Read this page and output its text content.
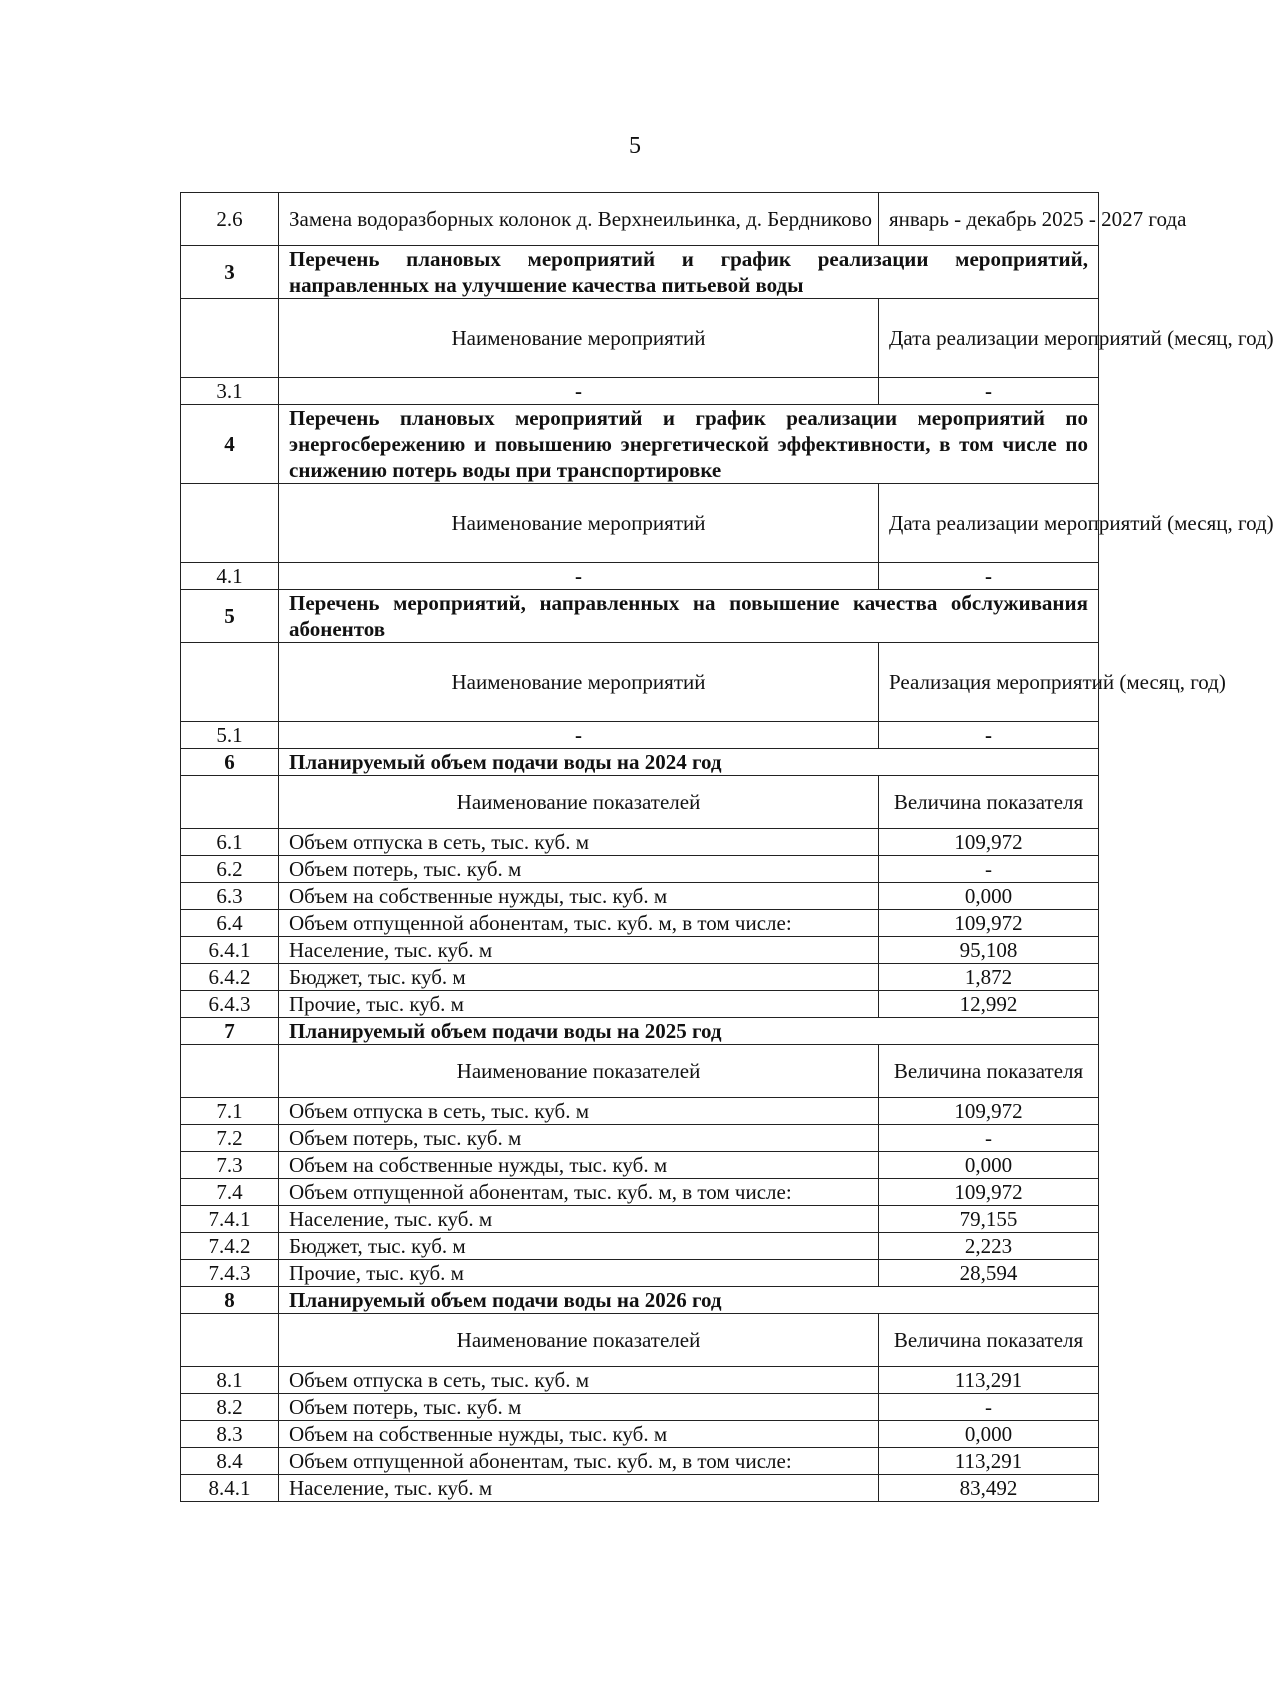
5
2.6	Замена водоразборных колонок д. Верхнеильинка, д. Бердниково	январь - декабрь 2025 - 2027 года
3	Перечень плановых мероприятий и график реализации мероприятий, направленных на улучшение качества питьевой воды	
	Наименование мероприятий	Дата реализации мероприятий (месяц, год)
3.1	-	-
4	Перечень плановых мероприятий и график реализации мероприятий по энергосбережению и повышению энергетической эффективности, в том числе по снижению потерь воды при транспортировке	
	Наименование мероприятий	Дата реализации мероприятий (месяц, год)
4.1	-	-
5	Перечень мероприятий, направленных на повышение качества обслуживания абонентов	
	Наименование мероприятий	Реализация мероприятий (месяц, год)
5.1	-	-
6	Планируемый объем подачи воды на 2024 год	
	Наименование показателей	Величина показателя
6.1	Объем отпуска в сеть, тыс. куб. м	109,972
6.2	Объем потерь, тыс. куб. м	-
6.3	Объем на собственные нужды, тыс. куб. м	0,000
6.4	Объем отпущенной абонентам, тыс. куб. м, в том числе:	109,972
6.4.1	Население, тыс. куб. м	95,108
6.4.2	Бюджет, тыс. куб. м	1,872
6.4.3	Прочие, тыс. куб. м	12,992
7	Планируемый объем подачи воды на 2025 год	
	Наименование показателей	Величина показателя
7.1	Объем отпуска в сеть, тыс. куб. м	109,972
7.2	Объем потерь, тыс. куб. м	-
7.3	Объем на собственные нужды, тыс. куб. м	0,000
7.4	Объем отпущенной абонентам, тыс. куб. м, в том числе:	109,972
7.4.1	Население, тыс. куб. м	79,155
7.4.2	Бюджет, тыс. куб. м	2,223
7.4.3	Прочие, тыс. куб. м	28,594
8	Планируемый объем подачи воды на 2026 год	
	Наименование показателей	Величина показателя
8.1	Объем отпуска в сеть, тыс. куб. м	113,291
8.2	Объем потерь, тыс. куб. м	-
8.3	Объем на собственные нужды, тыс. куб. м	0,000
8.4	Объем отпущенной абонентам, тыс. куб. м, в том числе:	113,291
8.4.1	Население, тыс. куб. м	83,492
